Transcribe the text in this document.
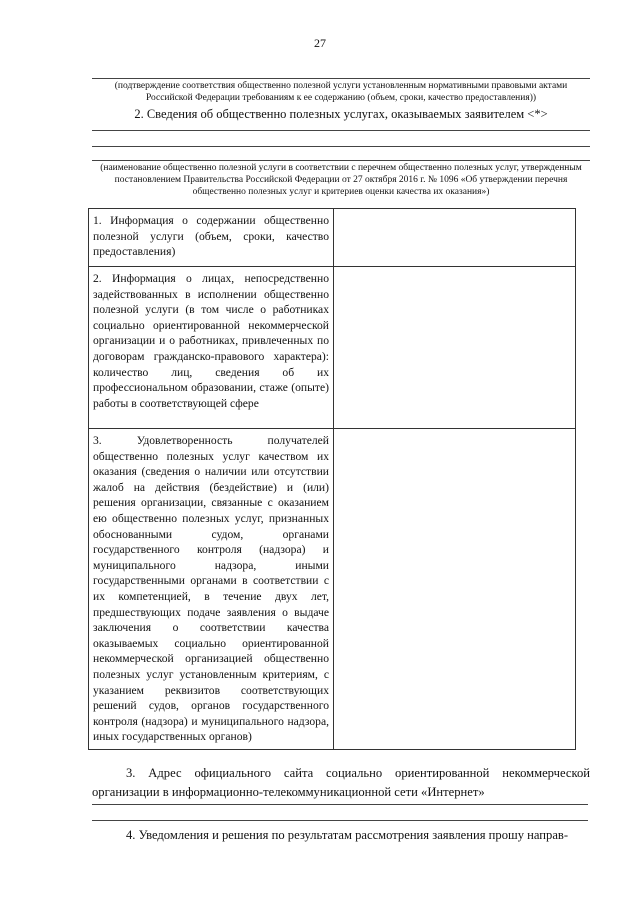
27
(подтверждение соответствия общественно полезной услуги установленным нормативными правовыми актами Российской Федерации требованиям к ее содержанию (объем, сроки, качество предоставления))
2. Сведения об общественно полезных услугах, оказываемых заявителем <*>
(наименование общественно полезной услуги в соответствии с перечнем общественно полезных услуг, утвержденным постановлением Правительства Российской Федерации от 27 октября 2016 г. № 1096 «Об утверждении перечня общественно полезных услуг и критериев оценки качества их оказания»)
1. Информация о содержании общественно полезной услуги (объем, сроки, качество предоставления)	
2. Информация о лицах, непосредственно задействованных в исполнении общественно полезной услуги (в том числе о работниках социально ориентированной некоммерческой организации и о работниках, привлеченных по договорам гражданско-правового характера): количество лиц, сведения об их профессиональном образовании, стаже (опыте) работы в соответствующей сфере	
3. Удовлетворенность получателей общественно полезных услуг качеством их оказания (сведения о наличии или отсутствии жалоб на действия (бездействие) и (или) решения организации, связанные с оказанием ею общественно полезных услуг, признанных обоснованными судом, органами государственного контроля (надзора) и муниципального надзора, иными государственными органами в соответствии с их компетенцией, в течение двух лет, предшествующих подаче заявления о выдаче заключения о соответствии качества оказываемых социально ориентированной некоммерческой организацией общественно полезных услуг установленным критериям, с указанием реквизитов соответствующих решений судов, органов государственного контроля (надзора) и муниципального надзора, иных государственных органов)	
3. Адрес официального сайта социально ориентированной некоммерческой организации в информационно-телекоммуникационной сети «Интернет»
4. Уведомления и решения по результатам рассмотрения заявления прошу направ-
